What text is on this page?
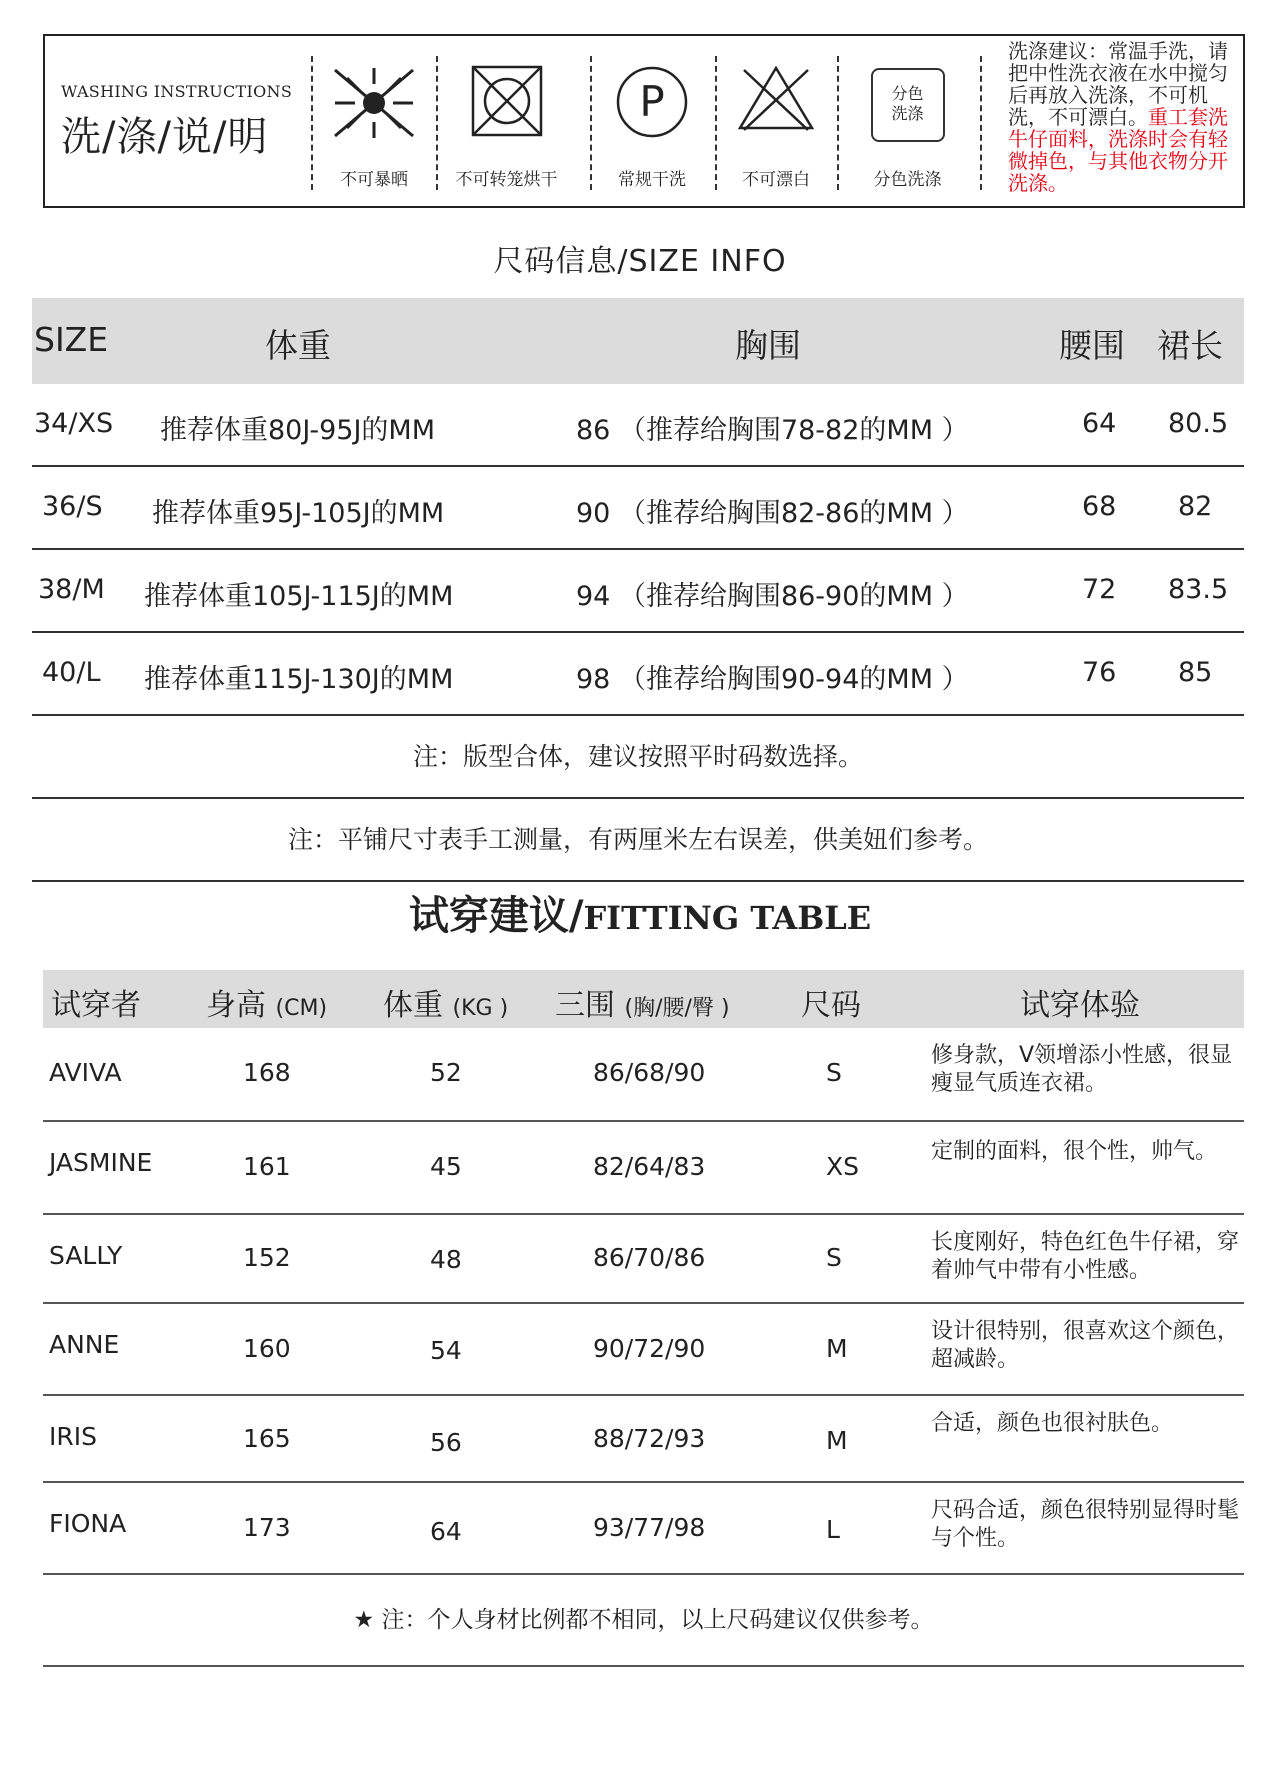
WASHING INSTRUCTIONS
洗/涤/说/明
不可暴晒	不可转笼烘干
P
常规干洗	不可漂白
分色
洗涤
分色洗涤
洗涤建议：常温手洗，请把中性洗衣液在水中搅匀后再放入洗涤，不可机洗，不可漂白。重工套洗牛仔面料，洗涤时会有轻微掉色，与其他衣物分开洗涤。
尺码信息/SIZE INFO
SIZE	体重	胸围	腰围 裙长
34/XS 推荐体重80J-95J的MM	86 （推荐给胸围78-82的MM ）	64 80.5
36/S 推荐体重95J-105J的MM	90 （推荐给胸围82-86的MM ）	68 82
38/M 推荐体重105J-115J的MM	94 （推荐给胸围86-90的MM ）	72 83.5
40/L 推荐体重115J-130J的MM	98 （推荐给胸围90-94的MM ）	76 85
注：版型合体，建议按照平时码数选择。
注：平铺尺寸表手工测量，有两厘米左右误差，供美妞们参考。
试穿建议/FITTING TABLE
试穿者 身高 (CM) 体重 (KG ) 三围 (胸/腰/臀 ) 尺码	试穿体验
AVIVA	168	52	86/68/90	S
修身款，V领增添小性感，很显瘦显气质连衣裙。
JASMINE	161	45	82/64/83	XS
定制的面料，很个性，帅气。
SALLY	152	48	86/70/86	S
长度刚好，特色红色牛仔裙，穿着帅气中带有小性感。
ANNE	160	54	90/72/90	M
设计很特别，很喜欢这个颜色，超减龄。
IRIS	165	56	88/72/93	M
合适，颜色也很衬肤色。
FIONA	173	64	93/77/98	L
尺码合适，颜色很特别显得时髦与个性。
★ 注：个人身材比例都不相同，以上尺码建议仅供参考。
